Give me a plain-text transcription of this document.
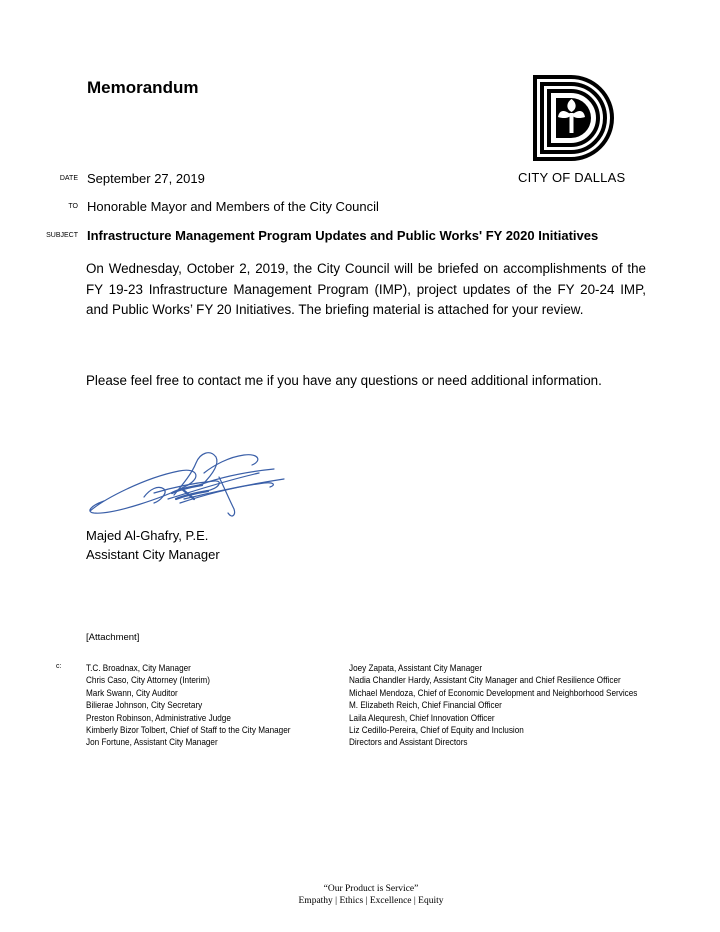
Memorandum
CITY OF DALLAS
DATE September 27, 2019
TO Honorable Mayor and Members of the City Council
SUBJECT Infrastructure Management Program Updates and Public Works' FY 2020 Initiatives

On Wednesday, October 2, 2019, the City Council will be briefed on accomplishments of the FY 19-23 Infrastructure Management Program (IMP), project updates of the FY 20-24 IMP, and Public Works’ FY 20 Initiatives. The briefing material is attached for your review.

Please feel free to contact me if you have any questions or need additional information.

Majed Al-Ghafry, P.E.
Assistant City Manager
[Attachment]
c:	T.C. Broadnax, City Manager
Chris Caso, City Attorney (Interim)
Mark Swann, City Auditor
Bilierae Johnson, City Secretary
Preston Robinson, Administrative Judge
Kimberly Bizor Tolbert, Chief of Staff to the City Manager
Jon Fortune, Assistant City Manager
Joey Zapata, Assistant City Manager
Nadia Chandler Hardy, Assistant City Manager and Chief Resilience Officer
Michael Mendoza, Chief of Economic Development and Neighborhood Services
M. Elizabeth Reich, Chief Financial Officer
Laila Alequresh, Chief Innovation Officer
Liz Cedillo-Pereira, Chief of Equity and Inclusion
Directors and Assistant Directors
“Our Product is Service”
Empathy | Ethics | Excellence | Equity
